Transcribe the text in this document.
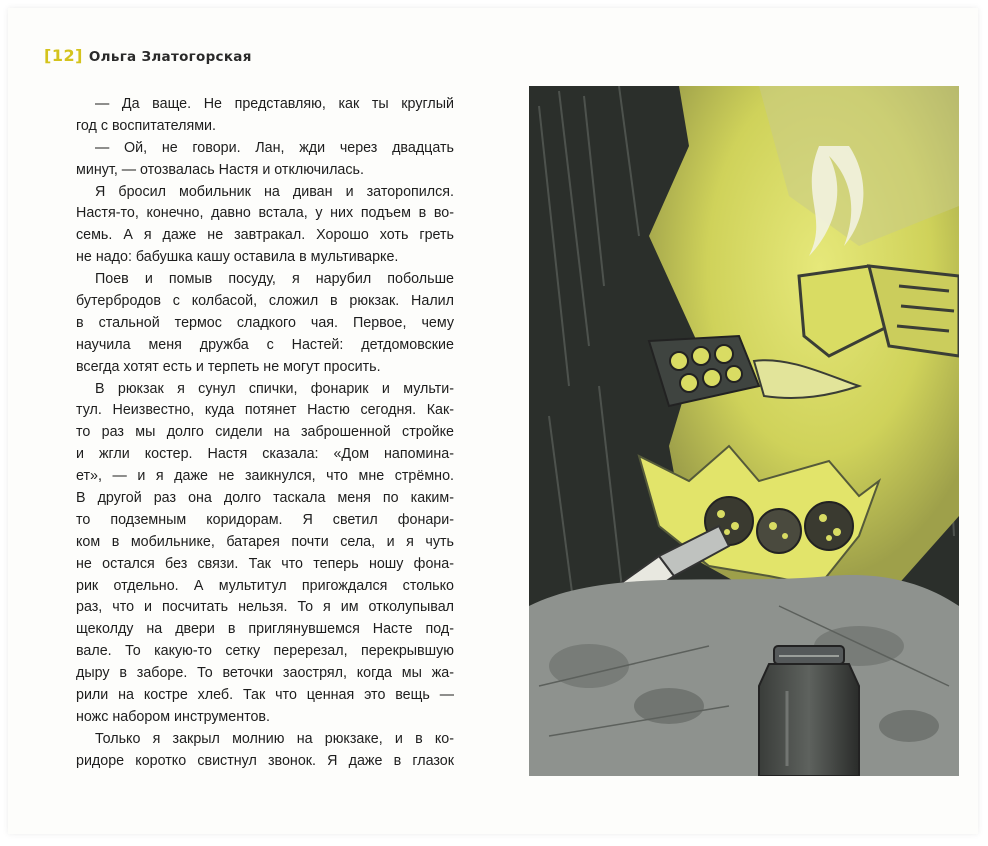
[12] Ольга Златогорская
— Да ваще. Не представляю, как ты круглый
год с воспитателями.
— Ой, не говори. Лан, жди через двадцать
минут, — отозвалась Настя и отключилась.
Я бросил мобильник на диван и заторопился.
Настя-то, конечно, давно встала, у них подъем в во-
семь. А я даже не завтракал. Хорошо хоть греть
не надо: бабушка кашу оставила в мультиварке.
Поев и помыв посуду, я нарубил побольше
бутербродов с колбасой, сложил в рюкзак. Налил
в стальной термос сладкого чая. Первое, чему
научила меня дружба с Настей: детдомовские
всегда хотят есть и терпеть не могут просить.
В рюкзак я сунул спички, фонарик и мульти-
тул. Неизвестно, куда потянет Настю сегодня. Как-
то раз мы долго сидели на заброшенной стройке
и жгли костер. Настя сказала: «Дом напомина-
ет», — и я даже не заикнулся, что мне стрёмно.
В другой раз она долго таскала меня по каким-
то подземным коридорам. Я светил фонари-
ком в мобильнике, батарея почти села, и я чуть
не остался без связи. Так что теперь ношу фона-
рик отдельно. А мультитул пригождался столько
раз, что и посчитать нельзя. То я им отколупывал
щеколду на двери в приглянувшемся Насте под-
вале. То какую-то сетку перерезал, перекрывшую
дыру в заборе. То веточки заострял, когда мы жа-
рили на костре хлеб. Так что ценная это вещь —
ножс набором инструментов.
Только я закрыл молнию на рюкзаке, и в ко-
ридоре коротко свистнул звонок. Я даже в глазок
